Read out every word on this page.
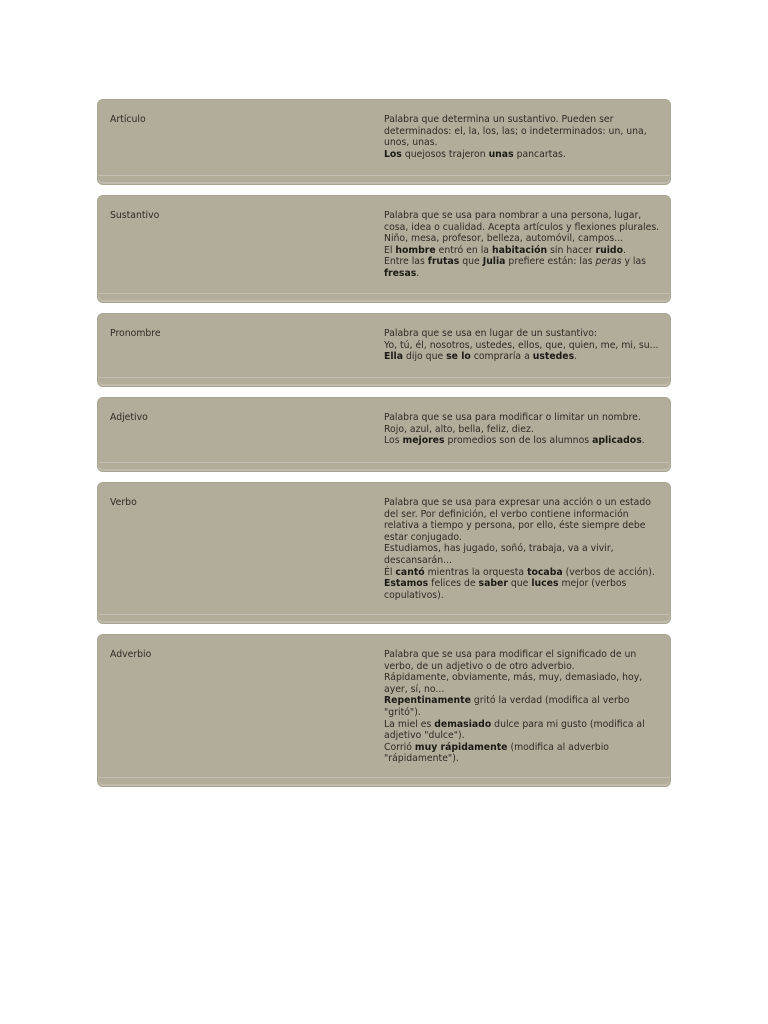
Artículo	Palabra que determina un sustantivo. Pueden ser
determinados: el, la, los, las; o indeterminados: un, una,
unos, unas.
Los quejosos trajeron unas pancartas.
Sustantivo	Palabra que se usa para nombrar a una persona, lugar,
cosa, idea o cualidad. Acepta artículos y flexiones plurales.
Niño, mesa, profesor, belleza, automóvil, campos...
El hombre entró en la habitación sin hacer ruido.
Entre las frutas que Julia prefiere están: las peras y las
fresas.
Pronombre	Palabra que se usa en lugar de un sustantivo:
Yo, tú, él, nosotros, ustedes, ellos, que, quien, me, mi, su...
Ella dijo que se lo compraría a ustedes.
Adjetivo	Palabra que se usa para modificar o limitar un nombre.
Rojo, azul, alto, bella, feliz, diez.
Los mejores promedios son de los alumnos aplicados.
Verbo	Palabra que se usa para expresar una acción o un estado
del ser. Por definición, el verbo contiene información
relativa a tiempo y persona, por ello, éste siempre debe
estar conjugado.
Estudiamos, has jugado, soñó, trabaja, va a vivir,
descansarán...
Él cantó mientras la orquesta tocaba (verbos de acción).
Estamos felices de saber que luces mejor (verbos
copulativos).
Adverbio	Palabra que se usa para modificar el significado de un
verbo, de un adjetivo o de otro adverbio.
Rápidamente, obviamente, más, muy, demasiado, hoy,
ayer, sí, no...
Repentinamente gritó la verdad (modifica al verbo
"gritó").
La miel es demasiado dulce para mi gusto (modifica al
adjetivo "dulce").
Corrió muy rápidamente (modifica al adverbio
"rápidamente").
